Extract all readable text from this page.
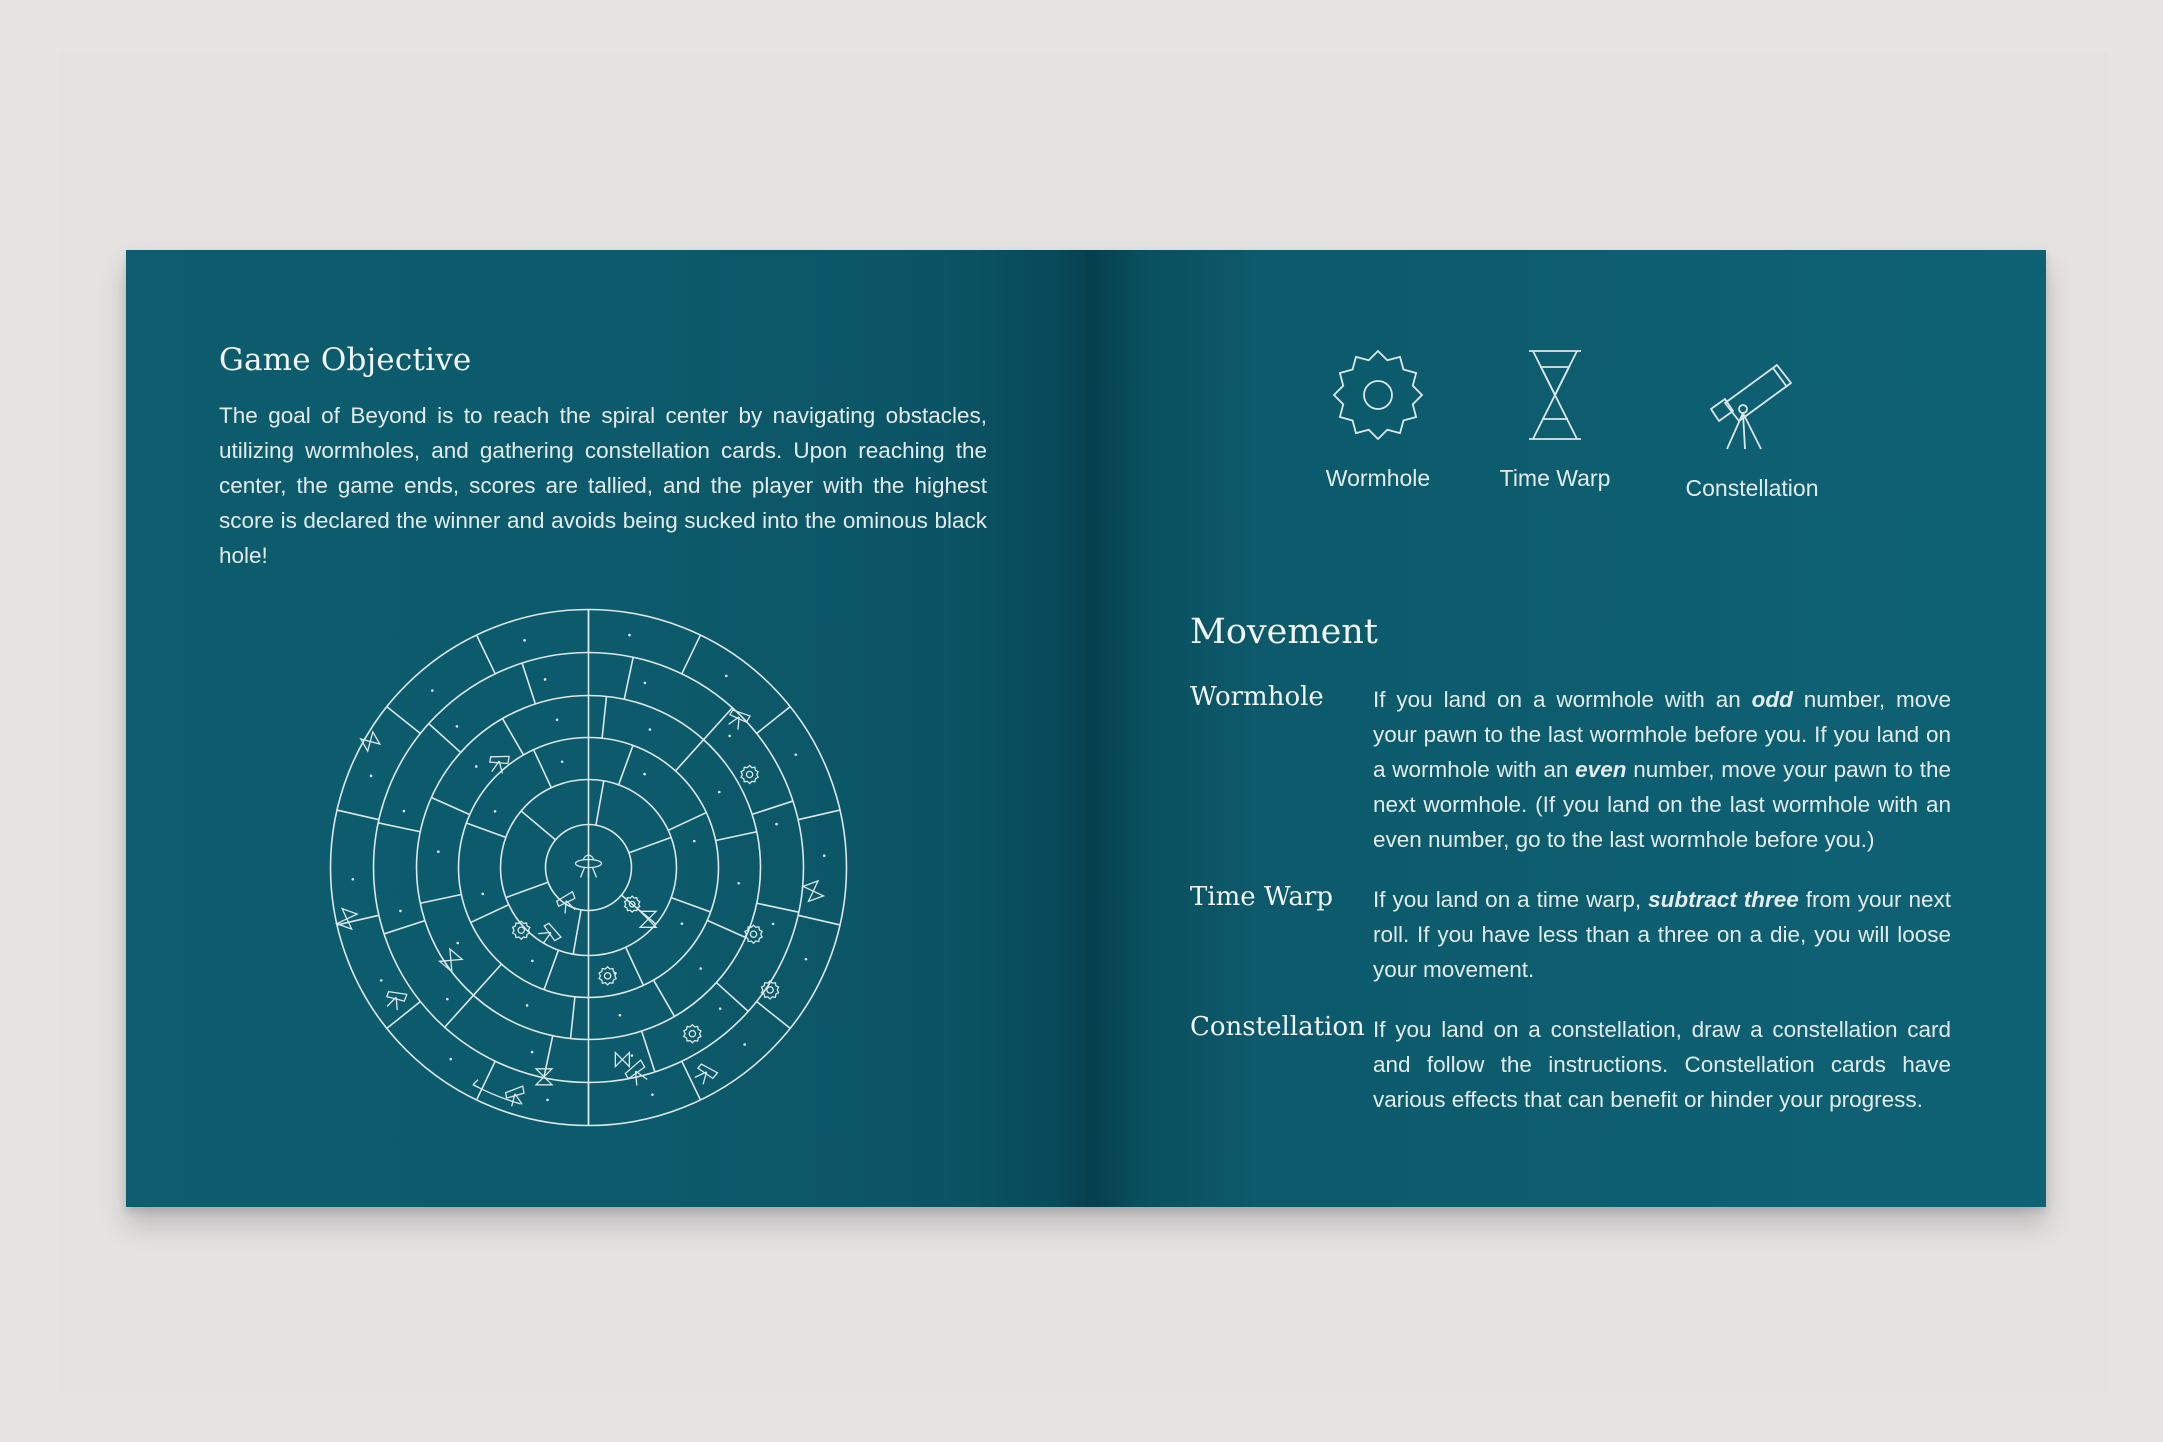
Game Objective

The goal of Beyond is to reach the spiral center by navigating obstacles, utilizing wormholes, and gathering constellation cards. Upon reaching the center, the game ends, scores are tallied, and the player with the highest score is declared the winner and avoids being sucked into the ominous black hole!

Wormhole	Time Warp	Constellation
Movement
Wormhole If you land on a wormhole with an odd number, move your pawn to the last wormhole before you. If you land on a wormhole with an even number, move your pawn to the next wormhole. (If you land on the last wormhole with an even number, go to the last wormhole before you.)

Time Warp If you land on a time warp, subtract three from your next roll. If you have less than a three on a die, you will loose your movement.

Constellation If you land on a constellation, draw a constellation card and follow the instructions. Constellation cards have various effects that can benefit or hinder your progress.
